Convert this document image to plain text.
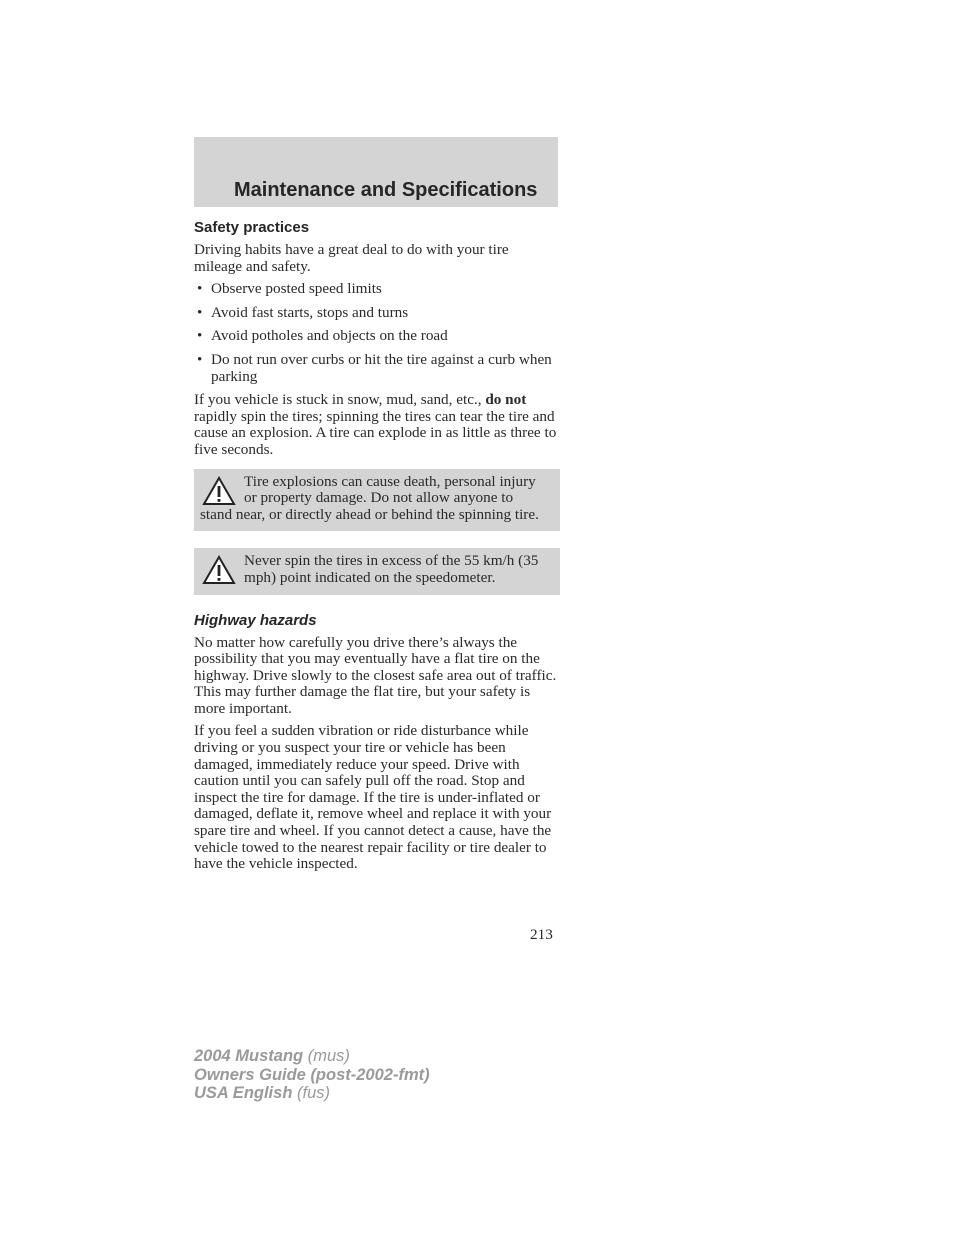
Maintenance and Specifications
Safety practices

Driving habits have a great deal to do with your tire mileage and safety.

• Observe posted speed limits
• Avoid fast starts, stops and turns
• Avoid potholes and objects on the road
• Do not run over curbs or hit the tire against a curb when parking

If you vehicle is stuck in snow, mud, sand, etc., do not rapidly spin the tires; spinning the tires can tear the tire and cause an explosion. A tire can explode in as little as three to five seconds.

Tire explosions can cause death, personal injury or property damage. Do not allow anyone to stand near, or directly ahead or behind the spinning tire.

Never spin the tires in excess of the 55 km/h (35 mph) point indicated on the speedometer.

Highway hazards

No matter how carefully you drive there’s always the possibility that you may eventually have a flat tire on the highway. Drive slowly to the closest safe area out of traffic. This may further damage the flat tire, but your safety is more important.

If you feel a sudden vibration or ride disturbance while driving or you suspect your tire or vehicle has been damaged, immediately reduce your speed. Drive with caution until you can safely pull off the road. Stop and inspect the tire for damage. If the tire is under-inflated or damaged, deflate it, remove wheel and replace it with your spare tire and wheel. If you cannot detect a cause, have the vehicle towed to the nearest repair facility or tire dealer to have the vehicle inspected.

213
2004 Mustang (mus)
Owners Guide (post-2002-fmt)
USA English (fus)
